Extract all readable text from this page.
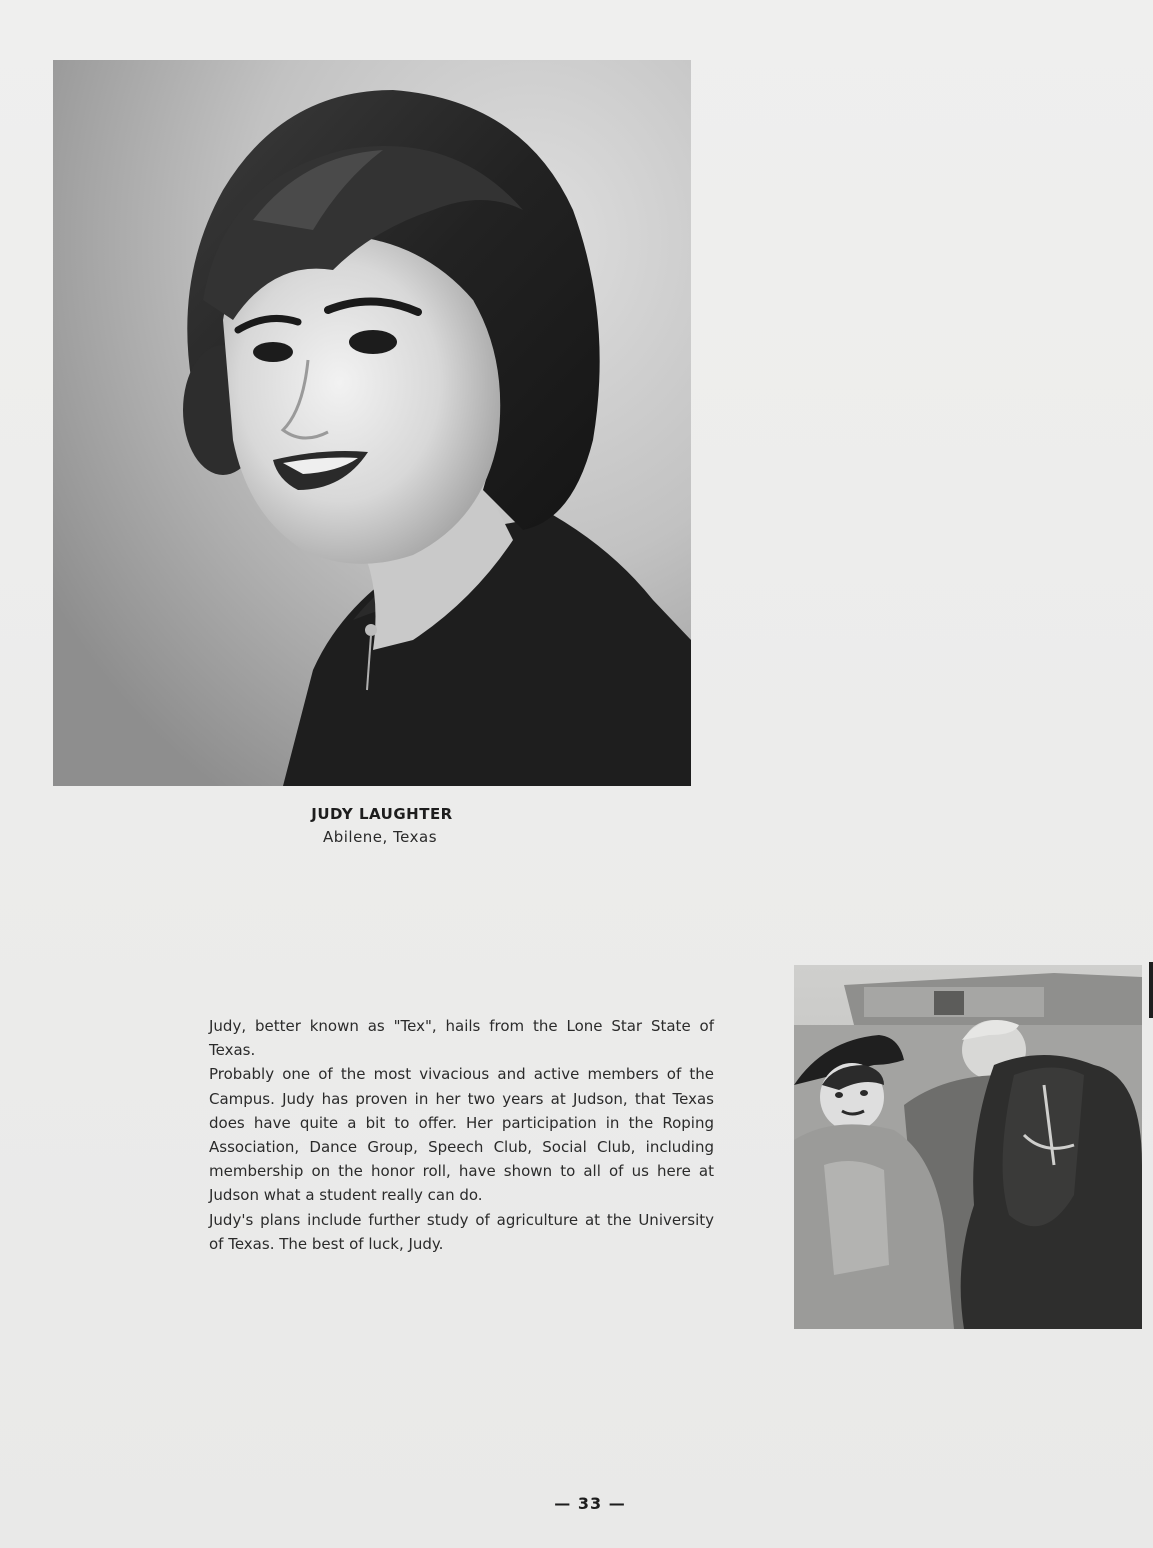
JUDY LAUGHTER
Abilene, Texas

Judy, better known as "Tex", hails from the Lone Star State of Texas.

Probably one of the most vivacious and active members of the Campus. Judy has proven in her two years at Judson, that Texas does have quite a bit to offer. Her participation in the Roping Association, Dance Group, Speech Club, Social Club, including membership on the honor roll, have shown to all of us here at Judson what a student really can do.

Judy's plans include further study of agriculture at the University of Texas. The best of luck, Judy.

— 33 —
